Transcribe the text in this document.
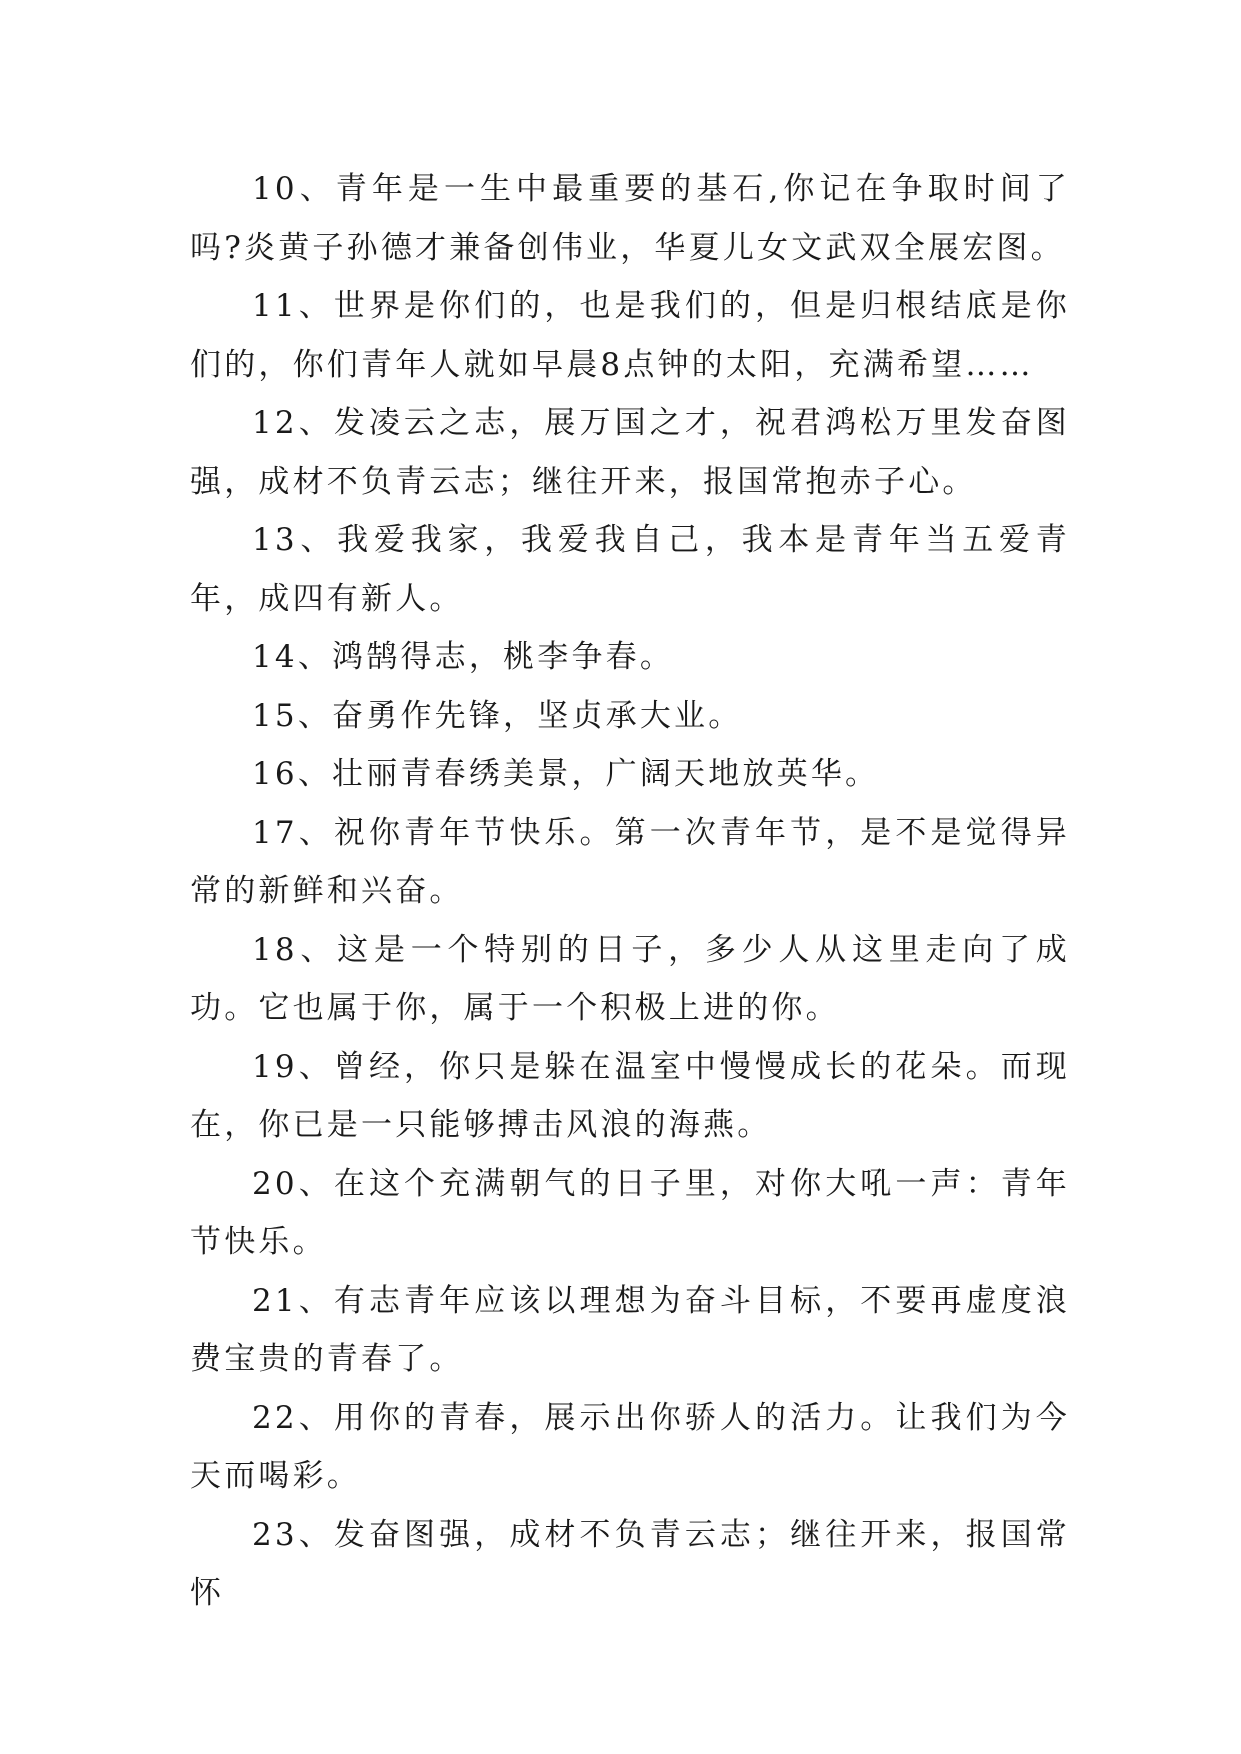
10、青年是一生中最重要的基石,你记在争取时间了吗?炎黄子孙德才兼备创伟业，华夏儿女文武双全展宏图。

11、世界是你们的，也是我们的，但是归根结底是你们的，你们青年人就如早晨8点钟的太阳，充满希望……

12、发凌云之志，展万国之才，祝君鸿松万里发奋图强，成材不负青云志；继往开来，报国常抱赤子心。

13、我爱我家，我爱我自己，我本是青年当五爱青年，成四有新人。

14、鸿鹄得志，桃李争春。

15、奋勇作先锋，坚贞承大业。

16、壮丽青春绣美景，广阔天地放英华。

17、祝你青年节快乐。第一次青年节，是不是觉得异常的新鲜和兴奋。

18、这是一个特别的日子，多少人从这里走向了成功。它也属于你，属于一个积极上进的你。

19、曾经，你只是躲在温室中慢慢成长的花朵。而现在，你已是一只能够搏击风浪的海燕。

20、在这个充满朝气的日子里，对你大吼一声：青年节快乐。

21、有志青年应该以理想为奋斗目标，不要再虚度浪费宝贵的青春了。

22、用你的青春，展示出你骄人的活力。让我们为今天而喝彩。

23、发奋图强，成材不负青云志；继往开来，报国常怀
